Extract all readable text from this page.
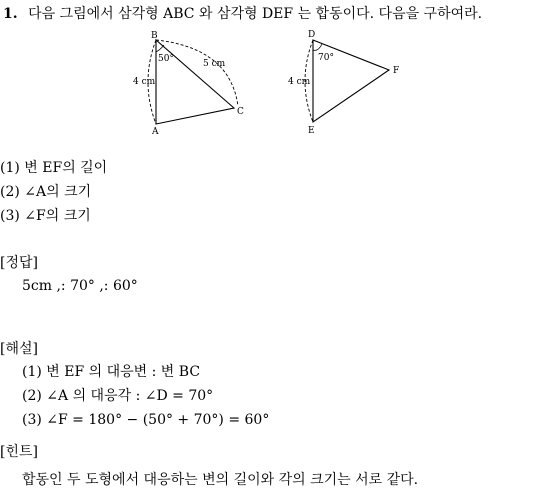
1. 다음 그림에서 삼각형 ABC 와 삼각형 DEF 는 합동이다. 다음을 구하여라.
B
A
C
4 cm
5 cm
50°
D
E
F
4 cm
70°
(1) 변 EF의 길이
(2) ∠A의 크기
(3) ∠F의 크기
[정답]
5cm ,: 70° ,: 60°
[해설]
(1) 변 EF 의 대응변 : 변 BC
(2) ∠A 의 대응각 : ∠D = 70°
(3) ∠F = 180° − (50° + 70°) = 60°
[힌트]
합동인 두 도형에서 대응하는 변의 길이와 각의 크기는 서로 같다.
